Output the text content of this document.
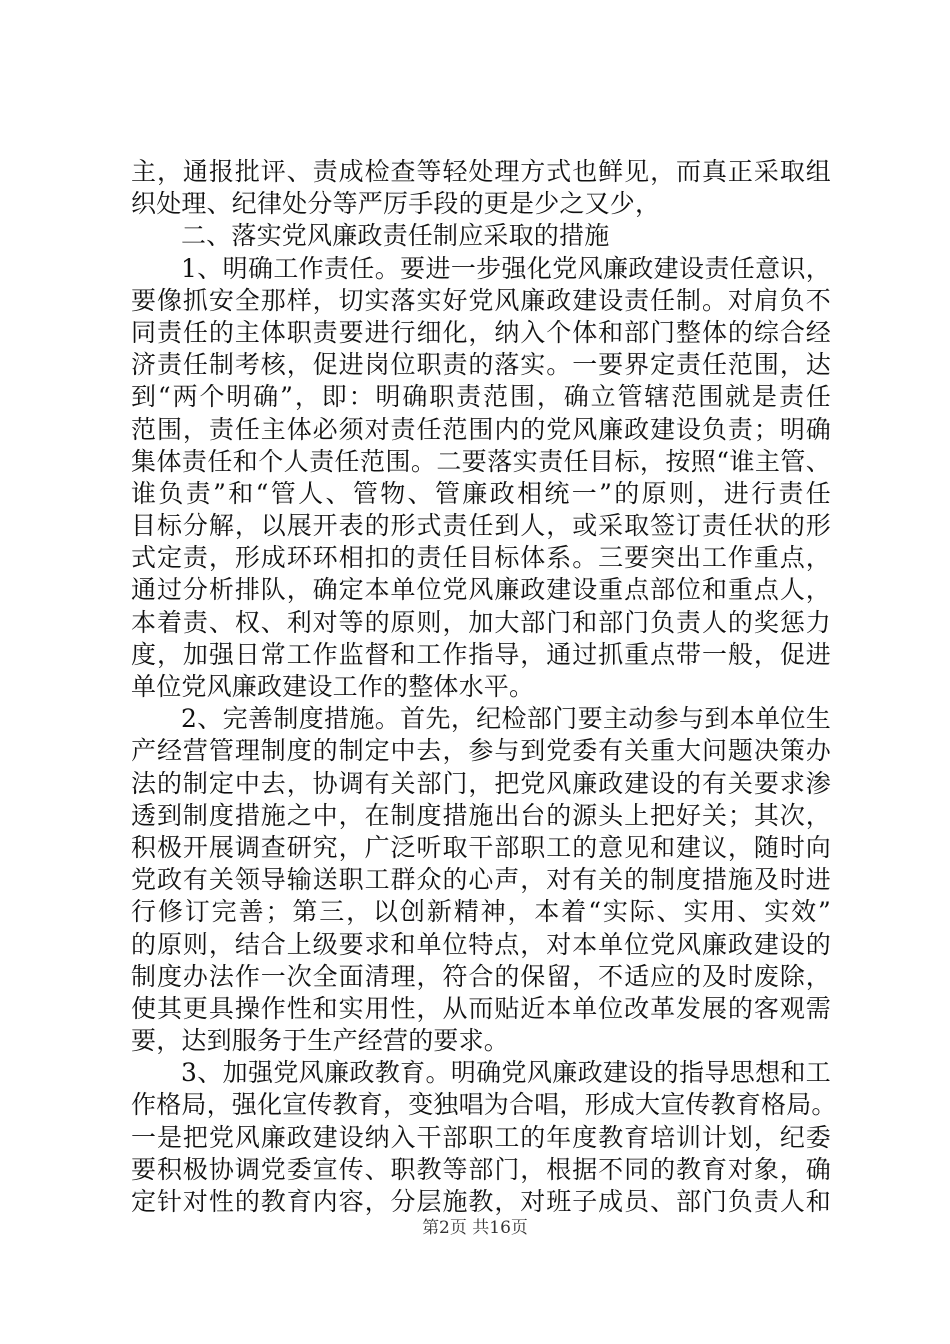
主，通报批评、责成检查等轻处理方式也鲜见，而真正采取组
织处理、纪律处分等严厉手段的更是少之又少，
二、落实党风廉政责任制应采取的措施
1、明确工作责任。要进一步强化党风廉政建设责任意识，
要像抓安全那样，切实落实好党风廉政建设责任制。对肩负不
同责任的主体职责要进行细化，纳入个体和部门整体的综合经
济责任制考核，促进岗位职责的落实。一要界定责任范围，达
到“两个明确”，即：明确职责范围，确立管辖范围就是责任
范围，责任主体必须对责任范围内的党风廉政建设负责；明确
集体责任和个人责任范围。二要落实责任目标，按照“谁主管、
谁负责”和“管人、管物、管廉政相统一”的原则，进行责任
目标分解，以展开表的形式责任到人，或采取签订责任状的形
式定责，形成环环相扣的责任目标体系。三要突出工作重点，
通过分析排队，确定本单位党风廉政建设重点部位和重点人，
本着责、权、利对等的原则，加大部门和部门负责人的奖惩力
度，加强日常工作监督和工作指导，通过抓重点带一般，促进
单位党风廉政建设工作的整体水平。
2、完善制度措施。首先，纪检部门要主动参与到本单位生
产经营管理制度的制定中去，参与到党委有关重大问题决策办
法的制定中去，协调有关部门，把党风廉政建设的有关要求渗
透到制度措施之中，在制度措施出台的源头上把好关；其次，
积极开展调查研究，广泛听取干部职工的意见和建议，随时向
党政有关领导输送职工群众的心声，对有关的制度措施及时进
行修订完善；第三，以创新精神，本着“实际、实用、实效”
的原则，结合上级要求和单位特点，对本单位党风廉政建设的
制度办法作一次全面清理，符合的保留，不适应的及时废除，
使其更具操作性和实用性，从而贴近本单位改革发展的客观需
要，达到服务于生产经营的要求。
3、加强党风廉政教育。明确党风廉政建设的指导思想和工
作格局，强化宣传教育，变独唱为合唱，形成大宣传教育格局。
一是把党风廉政建设纳入干部职工的年度教育培训计划，纪委
要积极协调党委宣传、职教等部门，根据不同的教育对象，确
定针对性的教育内容，分层施教，对班子成员、部门负责人和
第2页 共16页
